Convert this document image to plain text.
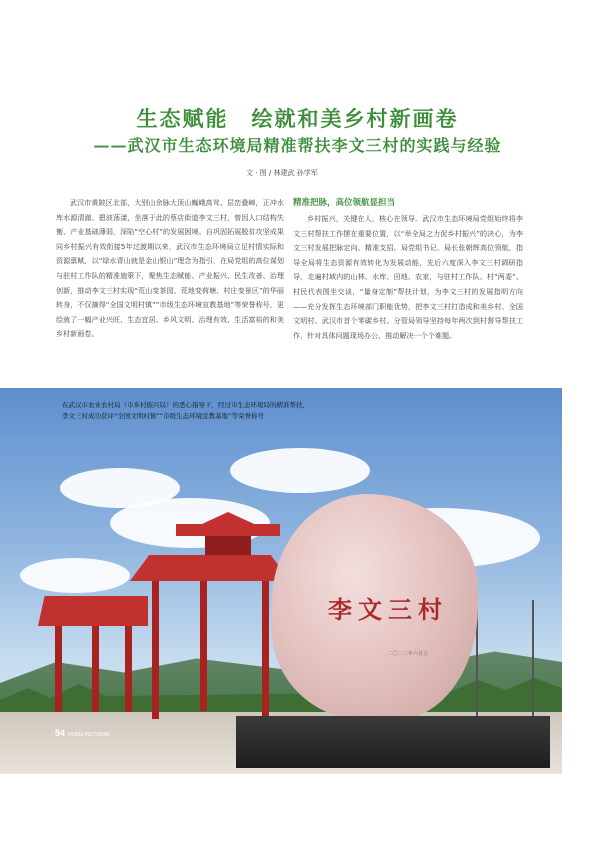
生态赋能　绘就和美乡村新画卷
——武汉市生态环境局精准帮扶李文三村的实践与经验
文 · 图 / 林建武 孙学军
武汉市黄陂区北部，大别山余脉大顶山巍峨高耸、层峦叠嶂，正冲水库水源清澈、碧波荡漾，坐落于此的蔡店街道李文三村，曾因人口结构失衡、产业基础薄弱，深陷“空心村”的发展困境。自巩固拓展脱贫攻坚成果同乡村振兴有效衔接5年过渡期以来，武汉市生态环境局立足村情实际和资源禀赋，以“绿水青山就是金山银山”理念为指引，在局党组的高位谋划与驻村工作队的精准施策下，聚焦生态赋能、产业振兴、民生改善、治理创新，推动李文三村实现“荒山变茶园、荒地变荷塘、村庄变景区”的华丽转身，不仅摘得“全国文明村镇”“市级生态环境宣教基地”等荣誉称号，更绘就了一幅产业兴旺、生态宜居、乡风文明、治理有效、生活富裕的和美乡村新画卷。
精准把脉，高位领航显担当
乡村振兴，关键在人，核心在领导。武汉市生态环境局党组始终将李文三村帮扶工作摆在重要位置，以“举全局之力促乡村振兴”的决心，为李文三村发展把脉定向、精准支招。局党组书记、局长张朝辉高位领航，指导全局将生态资源有效转化为发展动能，先后六度深入李文三村调研指导，走遍村域内的山林、水库、田地、农家，与驻村工作队、村“两委”、村民代表围坐交谈，“量身定制”帮扶计划，为李文三村的发展指明方向——充分发挥生态环境部门职能优势，把李文三村打造成和美乡村、全国文明村、武汉市首个零碳乡村。分管局领导坚持每年两次到村督导帮扶工作，针对具体问题现场办公，推动解决一个个难题。
在武汉市农业农村局（市乡村振兴局）的悉心指导下，经过市生态环境局的精准帮扶，
李文三村成功获评“全国文明村镇”“市级生态环境宣教基地”等荣誉称号
李文三村
二〇二三年六月立
54 HUBEI PICTORIAL
